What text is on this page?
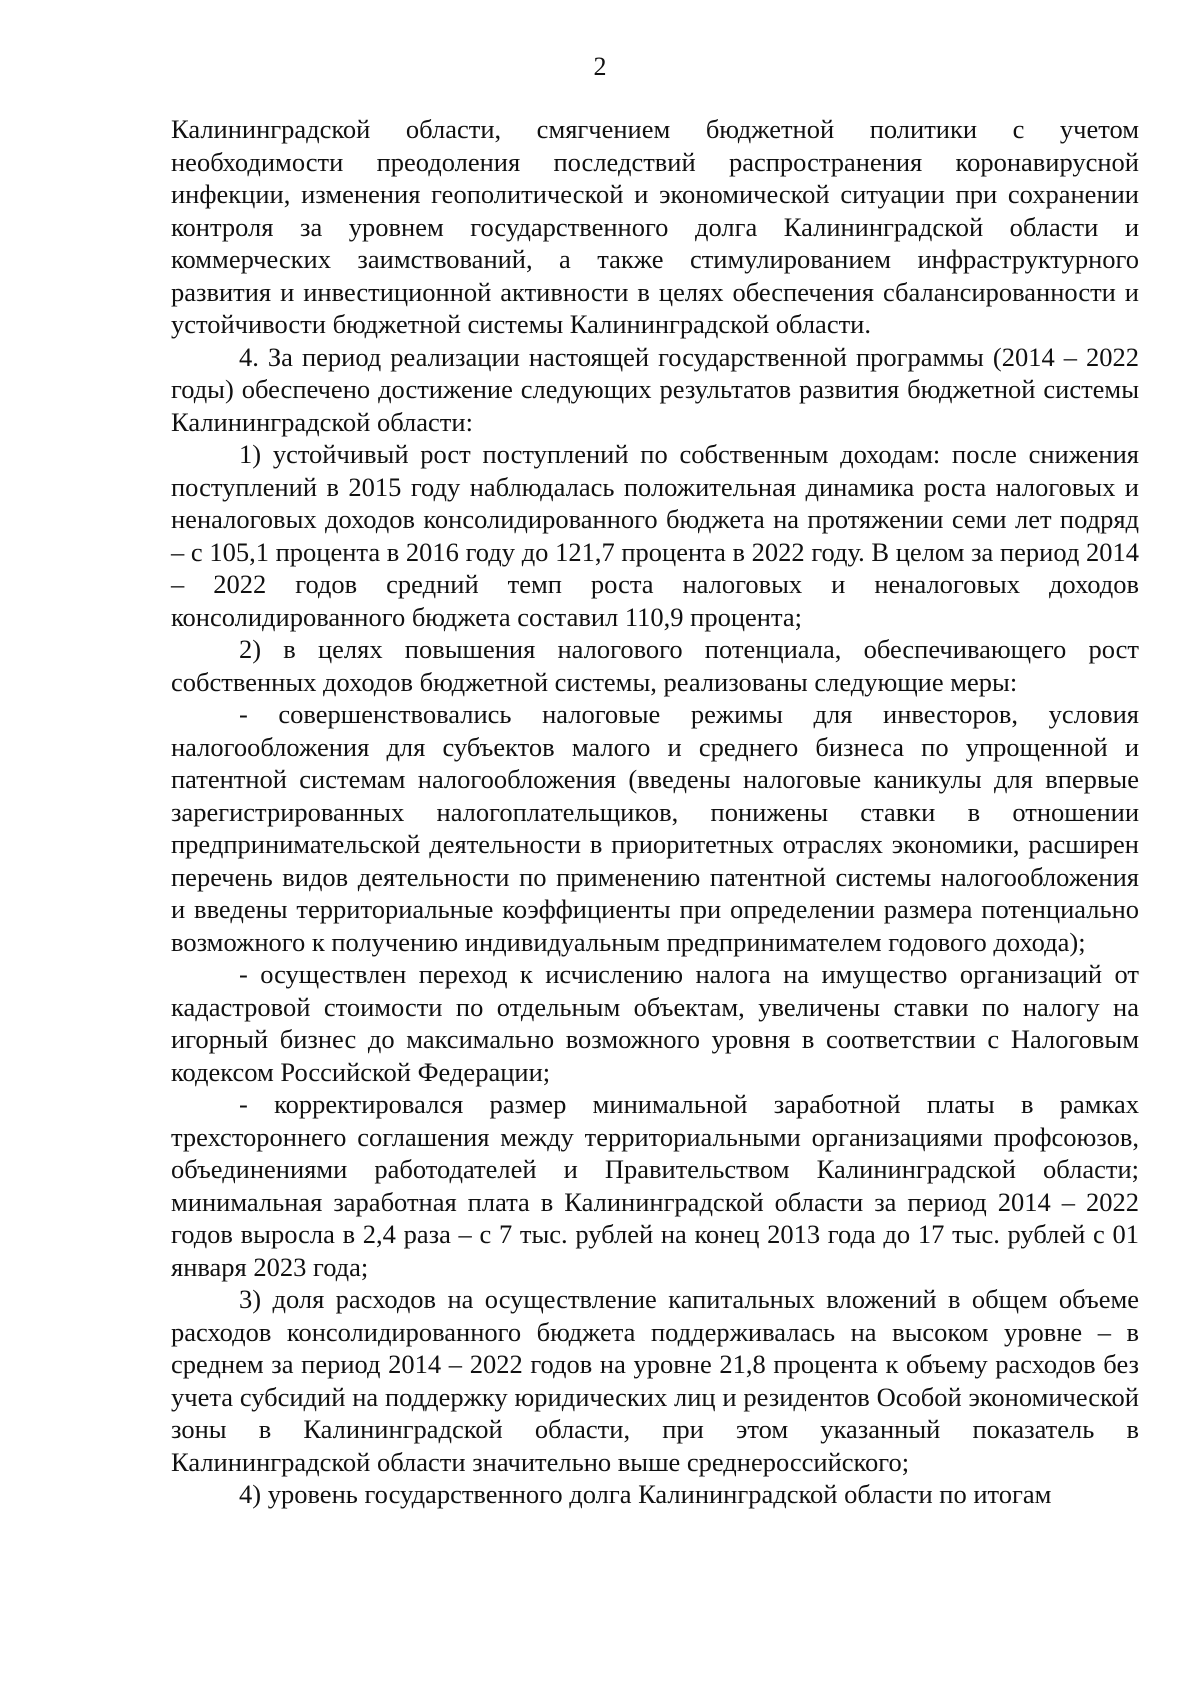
2

Калининградской области, смягчением бюджетной политики с учетом необходимости преодоления последствий распространения коронавирусной инфекции, изменения геополитической и экономической ситуации при сохранении контроля за уровнем государственного долга Калининградской области и коммерческих заимствований, а также стимулированием инфраструктурного развития и инвестиционной активности в целях обеспечения сбалансированности и устойчивости бюджетной системы Калининградской области.

4. За период реализации настоящей государственной программы (2014 – 2022 годы) обеспечено достижение следующих результатов развития бюджетной системы Калининградской области:

1) устойчивый рост поступлений по собственным доходам: после снижения поступлений в 2015 году наблюдалась положительная динамика роста налоговых и неналоговых доходов консолидированного бюджета на протяжении семи лет подряд – с 105,1 процента в 2016 году до 121,7 процента в 2022 году. В целом за период 2014 – 2022 годов средний темп роста налоговых и неналоговых доходов консолидированного бюджета составил 110,9 процента;

2) в целях повышения налогового потенциала, обеспечивающего рост собственных доходов бюджетной системы, реализованы следующие меры:

- совершенствовались налоговые режимы для инвесторов, условия налогообложения для субъектов малого и среднего бизнеса по упрощенной и патентной системам налогообложения (введены налоговые каникулы для впервые зарегистрированных налогоплательщиков, понижены ставки в отношении предпринимательской деятельности в приоритетных отраслях экономики, расширен перечень видов деятельности по применению патентной системы налогообложения и введены территориальные коэффициенты при определении размера потенциально возможного к получению индивидуальным предпринимателем годового дохода);

- осуществлен переход к исчислению налога на имущество организаций от кадастровой стоимости по отдельным объектам, увеличены ставки по налогу на игорный бизнес до максимально возможного уровня в соответствии с Налоговым кодексом Российской Федерации;

- корректировался размер минимальной заработной платы в рамках трехстороннего соглашения между территориальными организациями профсоюзов, объединениями работодателей и Правительством Калининградской области; минимальная заработная плата в Калининградской области за период 2014 – 2022 годов выросла в 2,4 раза – с 7 тыс. рублей на конец 2013 года до 17 тыс. рублей с 01 января 2023 года;

3) доля расходов на осуществление капитальных вложений в общем объеме расходов консолидированного бюджета поддерживалась на высоком уровне – в среднем за период 2014 – 2022 годов на уровне 21,8 процента к объему расходов без учета субсидий на поддержку юридических лиц и резидентов Особой экономической зоны в Калининградской области, при этом указанный показатель в Калининградской области значительно выше среднероссийского;

4) уровень государственного долга Калининградской области по итогам
